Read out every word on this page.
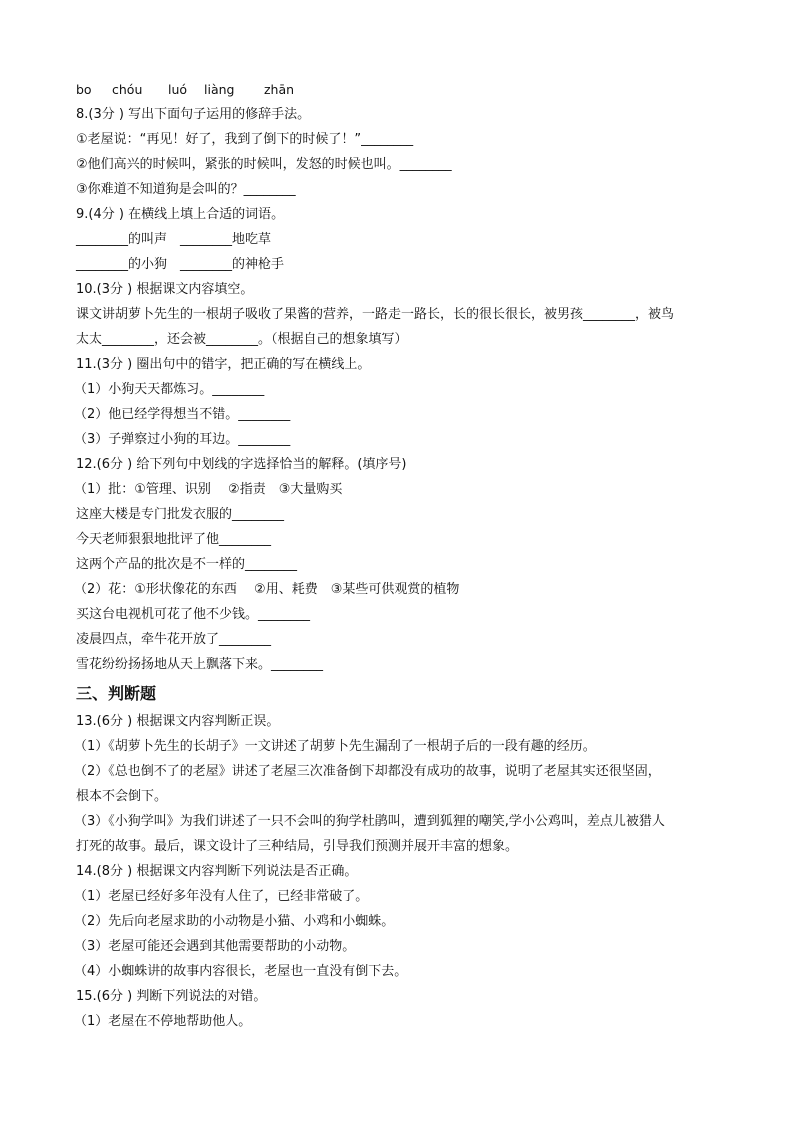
bo chóu luó liàng zhān
8.(3分 ) 写出下面句子运用的修辞手法。
①老屋说：“再见！好了，我到了倒下的时候了！”________
②他们高兴的时候叫，紧张的时候叫，发怒的时候也叫。________
③你难道不知道狗是会叫的？________
9.(4分 ) 在横线上填上合适的词语。
________的叫声　________地吃草
________的小狗　________的神枪手
10.(3分 ) 根据课文内容填空。
课文讲胡萝卜先生的一根胡子吸收了果酱的营养，一路走一路长，长的很长很长，被男孩________，被鸟
太太________，还会被________。（根据自己的想象填写）
11.(3分 ) 圈出句中的错字，把正确的写在横线上。
（1）小狗天天都炼习。________
（2）他已经学得想当不错。________
（3）子弹察过小狗的耳边。________
12.(6分 ) 给下列句中划线的字选择恰当的解释。(填序号)
（1）批：①管理、识别　 ②指责　③大量购买
这座大楼是专门批发衣服的________
今天老师狠狠地批评了他________
这两个产品的批次是不一样的________
（2）花：①形状像花的东西　 ②用、耗费　③某些可供观赏的植物
买这台电视机可花了他不少钱。________
凌晨四点，牵牛花开放了________
雪花纷纷扬扬地从天上飘落下来。________
三、判断题
13.(6分 ) 根据课文内容判断正误。
（1）《胡萝卜先生的长胡子》一文讲述了胡萝卜先生漏刮了一根胡子后的一段有趣的经历。
（2）《总也倒不了的老屋》讲述了老屋三次准备倒下却都没有成功的故事，说明了老屋其实还很坚固，
根本不会倒下。
（3）《小狗学叫》为我们讲述了一只不会叫的狗学杜鹃叫，遭到狐狸的嘲笑,学小公鸡叫，差点儿被猎人
打死的故事。最后，课文设计了三种结局，引导我们预测并展开丰富的想象。
14.(8分 ) 根据课文内容判断下列说法是否正确。
（1）老屋已经好多年没有人住了，已经非常破了。
（2）先后向老屋求助的小动物是小猫、小鸡和小蜘蛛。
（3）老屋可能还会遇到其他需要帮助的小动物。
（4）小蜘蛛讲的故事内容很长，老屋也一直没有倒下去。
15.(6分 ) 判断下列说法的对错。
（1）老屋在不停地帮助他人。
